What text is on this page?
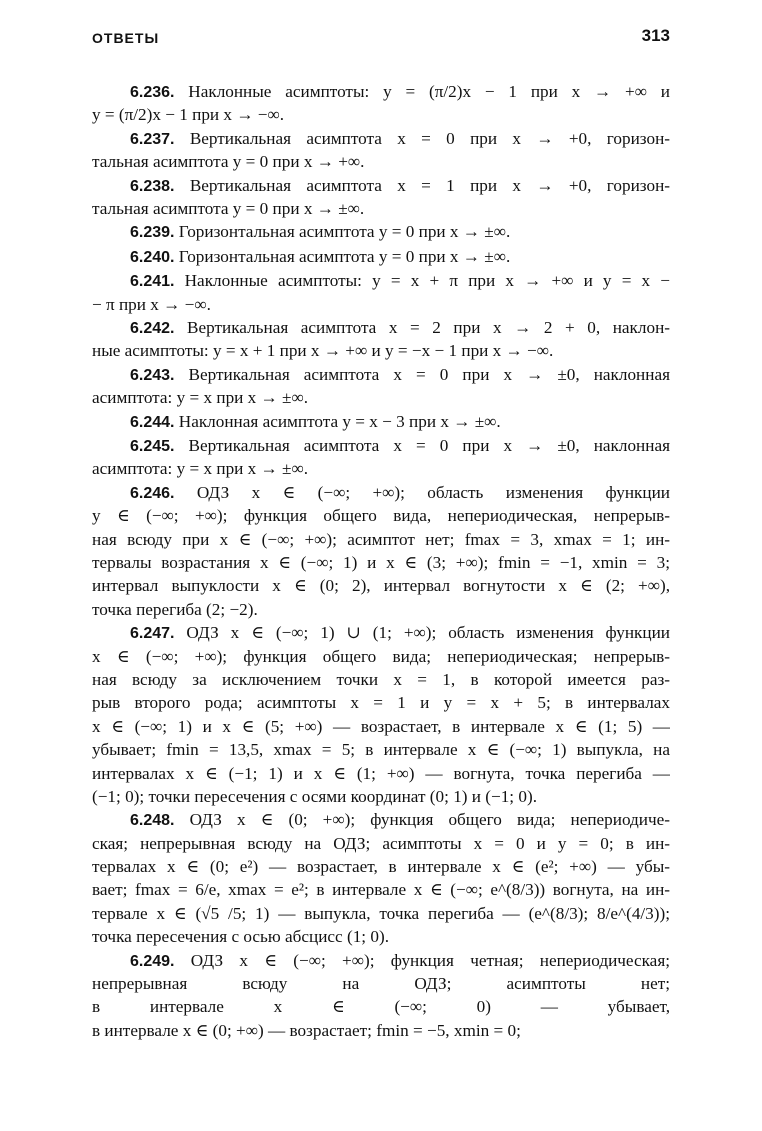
ОТВЕТЫ	313

6.236. Наклонные асимптоты: y = (π/2)x − 1 при x → +∞ и
y = (π/2)x − 1 при x → −∞.

6.237. Вертикальная асимптота x = 0 при x → +0, горизон-
тальная асимптота y = 0 при x → +∞.

6.238. Вертикальная асимптота x = 1 при x → +0, горизон-
тальная асимптота y = 0 при x → ±∞.

6.239. Горизонтальная асимптота y = 0 при x → ±∞.

6.240. Горизонтальная асимптота y = 0 при x → ±∞.

6.241. Наклонные асимптоты: y = x + π при x → +∞ и y = x −
− π при x → −∞.

6.242. Вертикальная асимптота x = 2 при x → 2 + 0, наклон-
ные асимптоты: y = x + 1 при x → +∞ и y = −x − 1 при x → −∞.

6.243. Вертикальная асимптота x = 0 при x → ±0, наклонная
асимптота: y = x при x → ±∞.

6.244. Наклонная асимптота y = x − 3 при x → ±∞.

6.245. Вертикальная асимптота x = 0 при x → ±0, наклонная
асимптота: y = x при x → ±∞.

6.246. ОДЗ x ∈ (−∞; +∞); область изменения функции
y ∈ (−∞; +∞); функция общего вида, непериодическая, непрерыв-
ная всюду при x ∈ (−∞; +∞); асимптот нет; fmax = 3, xmax = 1; ин-
тервалы возрастания x ∈ (−∞; 1) и x ∈ (3; +∞); fmin = −1, xmin = 3;
интервал выпуклости x ∈ (0; 2), интервал вогнутости x ∈ (2; +∞),
точка перегиба (2; −2).

6.247. ОДЗ x ∈ (−∞; 1) ∪ (1; +∞); область изменения функции
x ∈ (−∞; +∞); функция общего вида; непериодическая; непрерыв-
ная всюду за исключением точки x = 1, в которой имеется раз-
рыв второго рода; асимптоты x = 1 и y = x + 5; в интервалах
x ∈ (−∞; 1) и x ∈ (5; +∞) — возрастает, в интервале x ∈ (1; 5) —
убывает; fmin = 13,5, xmax = 5; в интервале x ∈ (−∞; 1) выпукла, на
интервалах x ∈ (−1; 1) и x ∈ (1; +∞) — вогнута, точка перегиба —
(−1; 0); точки пересечения с осями координат (0; 1) и (−1; 0).

6.248. ОДЗ x ∈ (0; +∞); функция общего вида; непериодиче-
ская; непрерывная всюду на ОДЗ; асимптоты x = 0 и y = 0; в ин-
тервалах x ∈ (0; e²) — возрастает, в интервале x ∈ (e²; +∞) — убы-
вает; fmax = 6/e, xmax = e²; в интервале x ∈ (−∞; e^(8/3)) вогнута, на ин-
тервале x ∈ (√5 /5; 1) — выпукла, точка перегиба — (e^(8/3); 8/e^(4/3));
точка пересечения с осью абсцисс (1; 0).

6.249. ОДЗ x ∈ (−∞; +∞); функция четная; непериодическая;
непрерывная всюду на ОДЗ; асимптоты нет;
в интервале x ∈ (−∞; 0) — убывает,
в интервале x ∈ (0; +∞) — возрастает; fmin = −5, xmin = 0;
